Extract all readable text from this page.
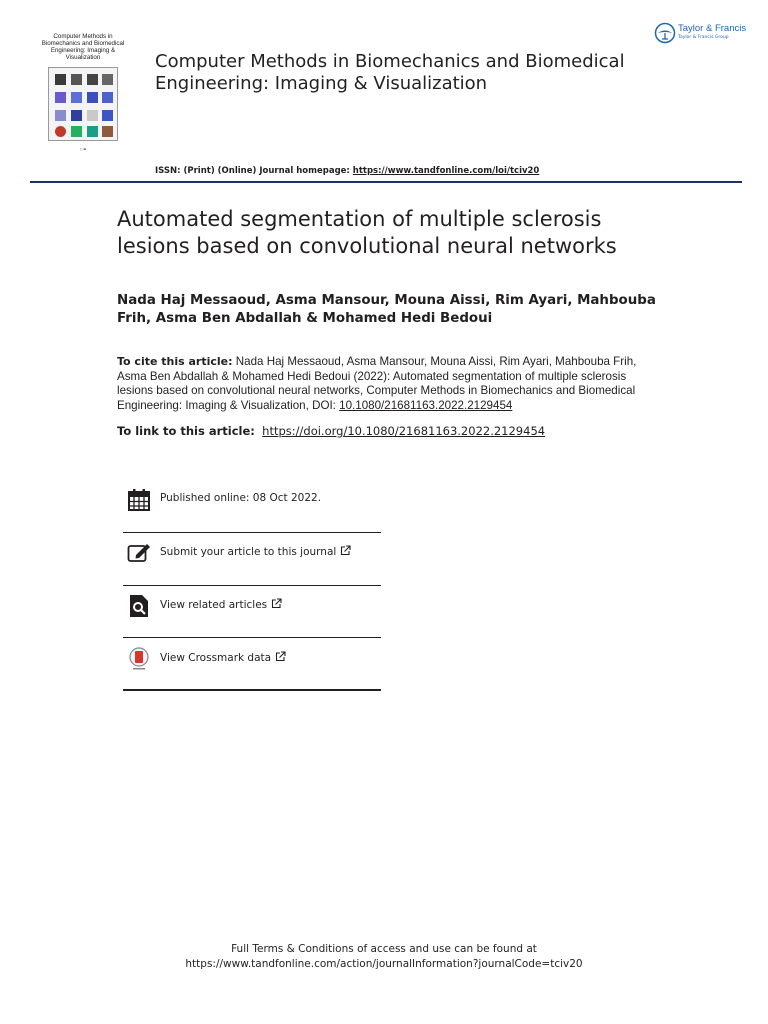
Computer Methods in
Biomechanics and Biomedical
Engineering: Imaging &
Visualization
○ ▬
Computer Methods in Biomechanics and Biomedical Engineering: Imaging & Visualization
Taylor & Francis
Taylor & Francis Group
ISSN: (Print) (Online) Journal homepage: https://www.tandfonline.com/loi/tciv20
Automated segmentation of multiple sclerosis lesions based on convolutional neural networks
Nada Haj Messaoud, Asma Mansour, Mouna Aissi, Rim Ayari, Mahbouba Frih, Asma Ben Abdallah & Mohamed Hedi Bedoui
To cite this article: Nada Haj Messaoud, Asma Mansour, Mouna Aissi, Rim Ayari, Mahbouba Frih, Asma Ben Abdallah & Mohamed Hedi Bedoui (2022): Automated segmentation of multiple sclerosis lesions based on convolutional neural networks, Computer Methods in Biomechanics and Biomedical Engineering: Imaging & Visualization, DOI: 10.1080/21681163.2022.2129454
To link to this article: https://doi.org/10.1080/21681163.2022.2129454
Published online: 08 Oct 2022.
Submit your article to this journal
View related articles
View Crossmark data
Full Terms & Conditions of access and use can be found at
https://www.tandfonline.com/action/journalInformation?journalCode=tciv20
